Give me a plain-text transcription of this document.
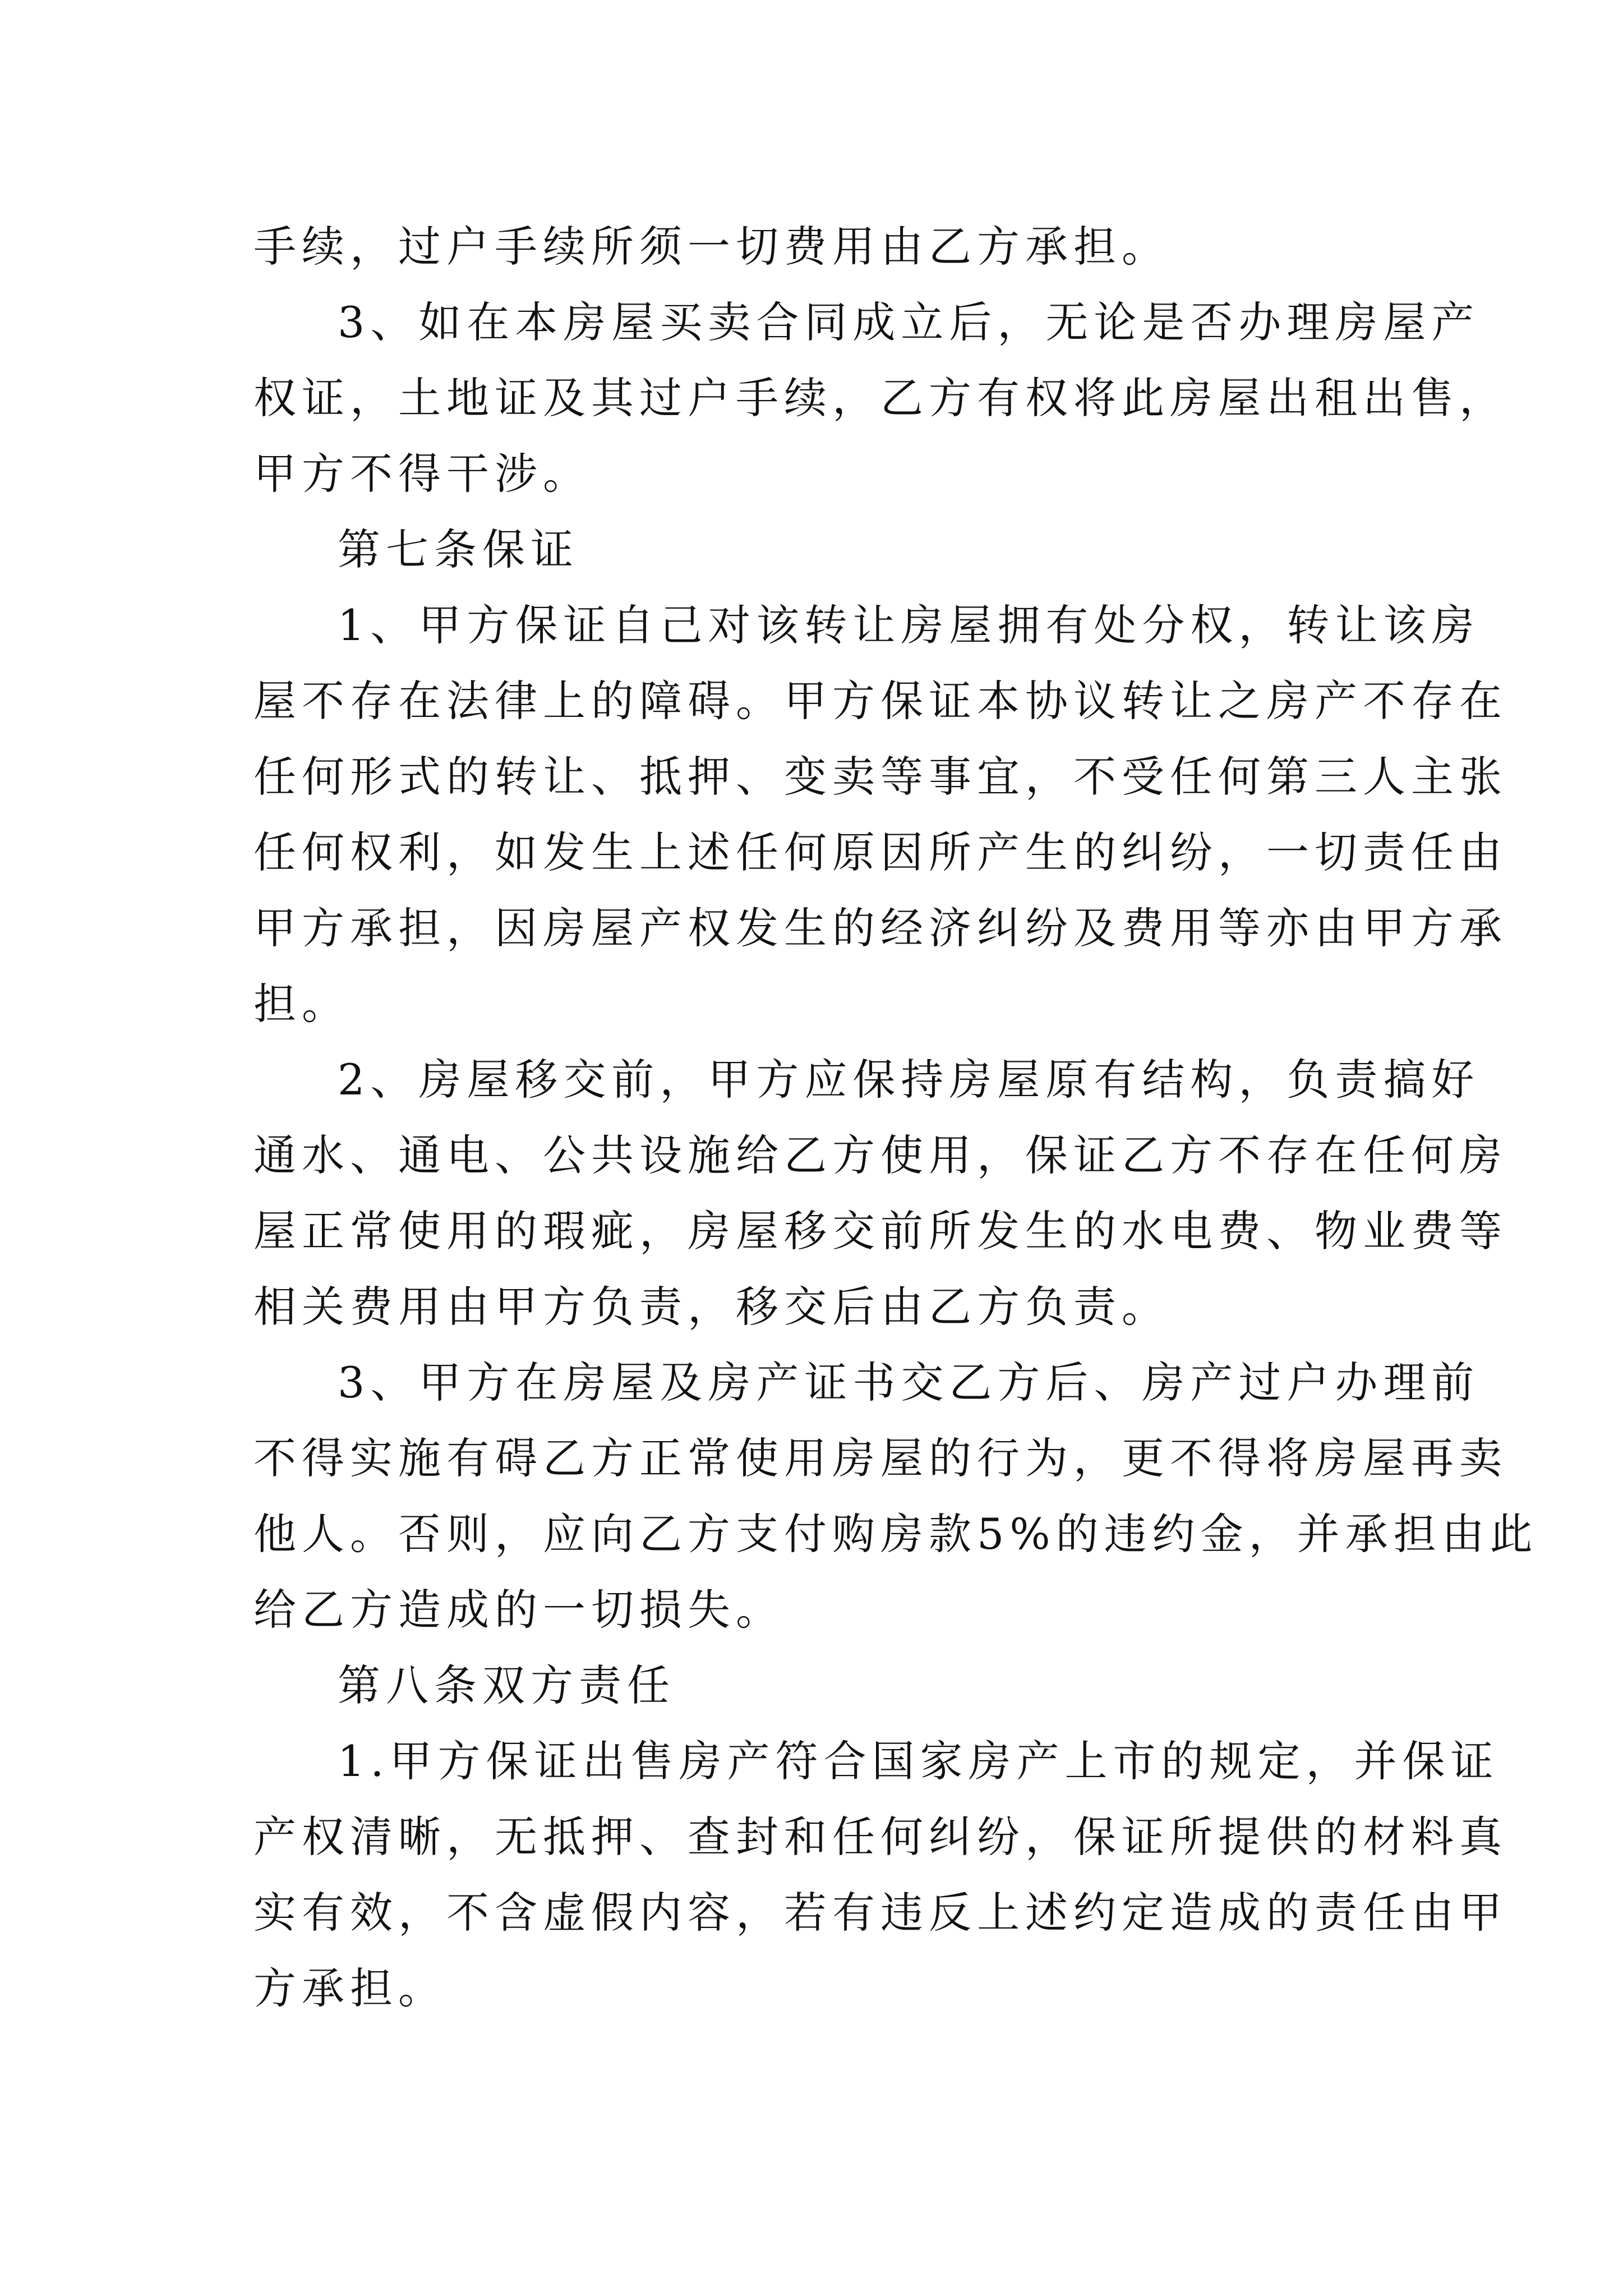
手续，过户手续所须一切费用由乙方承担。
3、如在本房屋买卖合同成立后，无论是否办理房屋产
权证，土地证及其过户手续，乙方有权将此房屋出租出售，
甲方不得干涉。
第七条保证
1、甲方保证自己对该转让房屋拥有处分权，转让该房
屋不存在法律上的障碍。甲方保证本协议转让之房产不存在
任何形式的转让、抵押、变卖等事宜，不受任何第三人主张
任何权利，如发生上述任何原因所产生的纠纷，一切责任由
甲方承担，因房屋产权发生的经济纠纷及费用等亦由甲方承
担。
2、房屋移交前，甲方应保持房屋原有结构，负责搞好
通水、通电、公共设施给乙方使用，保证乙方不存在任何房
屋正常使用的瑕疵，房屋移交前所发生的水电费、物业费等
相关费用由甲方负责，移交后由乙方负责。
3、甲方在房屋及房产证书交乙方后、房产过户办理前
不得实施有碍乙方正常使用房屋的行为，更不得将房屋再卖
他人。否则，应向乙方支付购房款5%的违约金，并承担由此
给乙方造成的一切损失。
第八条双方责任
1.甲方保证出售房产符合国家房产上市的规定，并保证
产权清晰，无抵押、查封和任何纠纷，保证所提供的材料真
实有效，不含虚假内容，若有违反上述约定造成的责任由甲
方承担。
